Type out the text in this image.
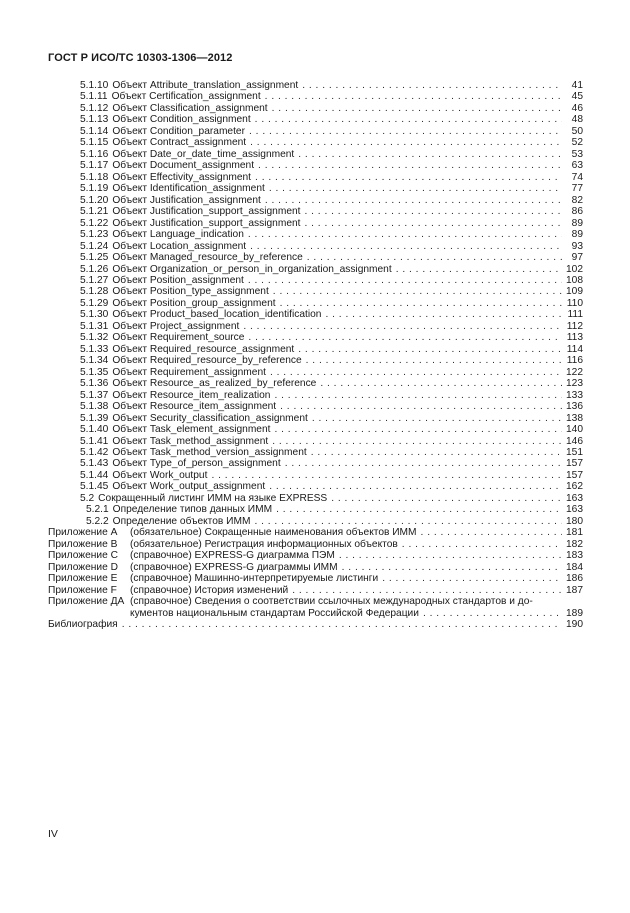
ГОСТ Р ИСО/ТС 10303-1306—2012
5.1.10 Объект Attribute_translation_assignment . . .	41
5.1.11 Объект Certification_assignment . . .	45
5.1.12 Объект Classification_assignment . . .	46
5.1.13 Объект Condition_assignment . . .	48
5.1.14 Объект Condition_parameter . . .	50
5.1.15 Объект Contract_assignment . . .	52
5.1.16 Объект Date_or_date_time_assignment . . .	53
5.1.17 Объект Document_assignment . . .	63
5.1.18 Объект Effectivity_assignment . . .	74
5.1.19 Объект Identification_assignment . . .	77
5.1.20 Объект Justification_assignment . . .	82
5.1.21 Объект Justification_support_assignment . . .	86
5.1.22 Объект Justification_support_assignment . . .	89
5.1.23 Объект Language_indication . . .	89
5.1.24 Объект Location_assignment . . .	93
5.1.25 Объект Managed_resource_by_reference . . .	97
5.1.26 Объект Organization_or_person_in_organization_assignment . . .	102
5.1.27 Объект Position_assignment . . .	108
5.1.28 Объект Position_type_assignment . . .	109
5.1.29 Объект Position_group_assignment . . .	110
5.1.30 Объект Product_based_location_identification . . .	111
5.1.31 Объект Project_assignment . . .	112
5.1.32 Объект Requirement_source . . .	113
5.1.33 Объект Required_resource_assignment . . .	114
5.1.34 Объект Required_resource_by_reference . . .	116
5.1.35 Объект Requirement_assignment . . .	122
5.1.36 Объект Resource_as_realized_by_reference . . .	123
5.1.37 Объект Resource_item_realization . . .	133
5.1.38 Объект Resource_item_assignment . . .	136
5.1.39 Объект Security_classification_assignment . . .	138
5.1.40 Объект Task_element_assignment . . .	140
5.1.41 Объект Task_method_assignment . . .	146
5.1.42 Объект Task_method_version_assignment . . .	151
5.1.43 Объект Type_of_person_assignment . . .	157
5.1.44 Объект Work_output . . .	157
5.1.45 Объект Work_output_assignment . . .	162
5.2 Сокращенный листинг ИММ на языке EXPRESS . . .	163
5.2.1 Определение типов данных ИММ . . .	163
5.2.2 Определение объектов ИММ . . .	180
Приложение A	(обязательное) Сокращенные наименования объектов ИММ . . .	181
Приложение B	(обязательное) Регистрация информационных объектов . . .	182
Приложение C	(справочное) EXPRESS-G диаграмма ПЭМ . . .	183
Приложение D	(справочное) EXPRESS-G диаграммы ИММ . . .	184
Приложение E	(справочное) Машинно-интерпретируемые листинги . . .	186
Приложение F	(справочное) История изменений . . .	187
Приложение ДА (справочное) Сведения о соответствии ссылочных международных стандартов и до-
кументов национальным стандартам Российской Федерации . . .	189
Библиография . . .	190
IV
